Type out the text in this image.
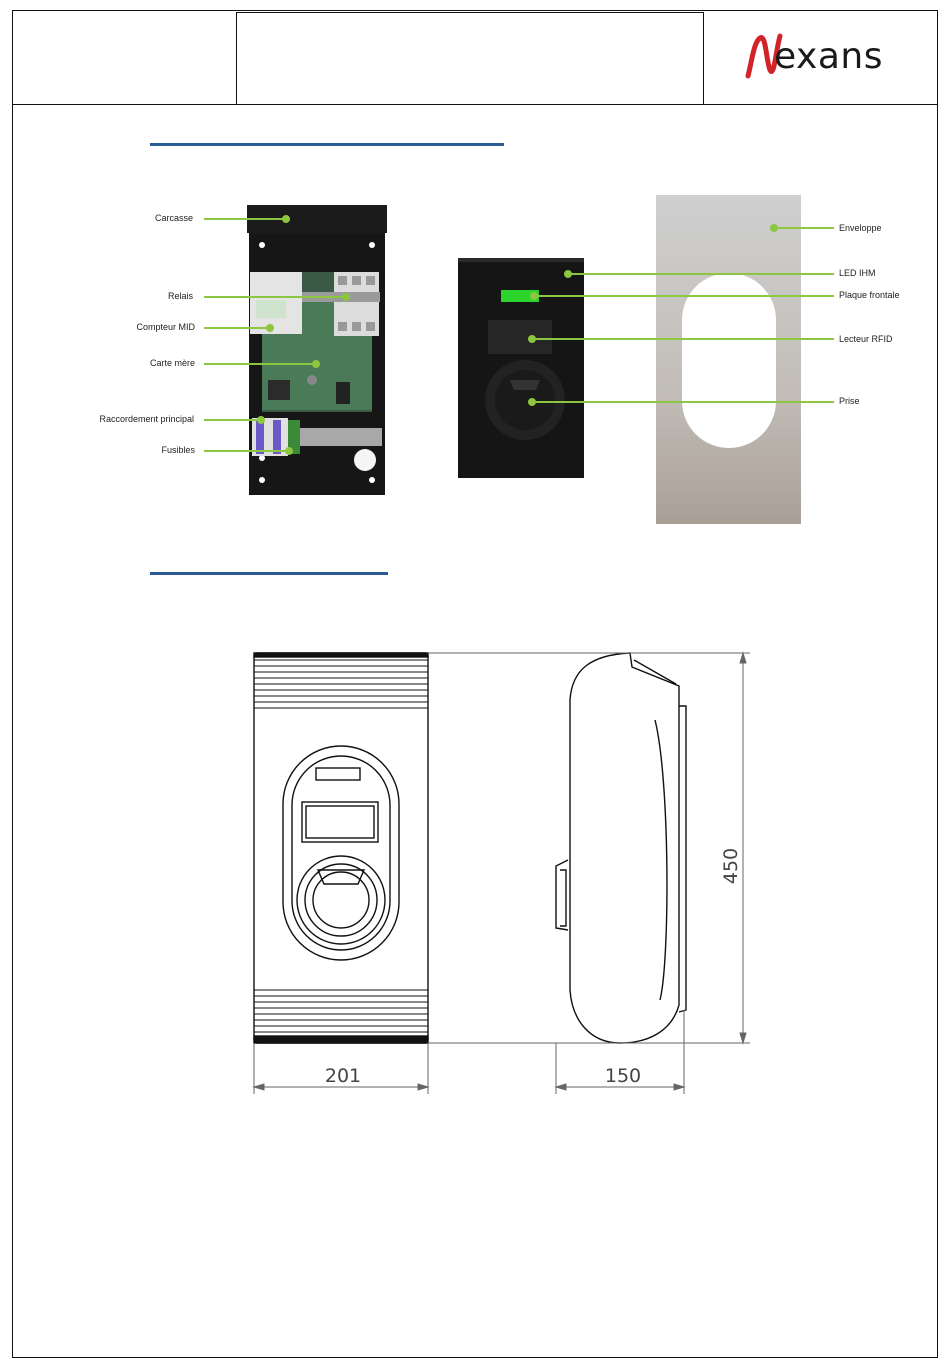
exans
Carcasse
Relais
Compteur MID
Carte mère
Raccordement principal
Fusibles
Enveloppe
LED IHM
Plaque frontale
Lecteur RFID
Prise
201	150
450
